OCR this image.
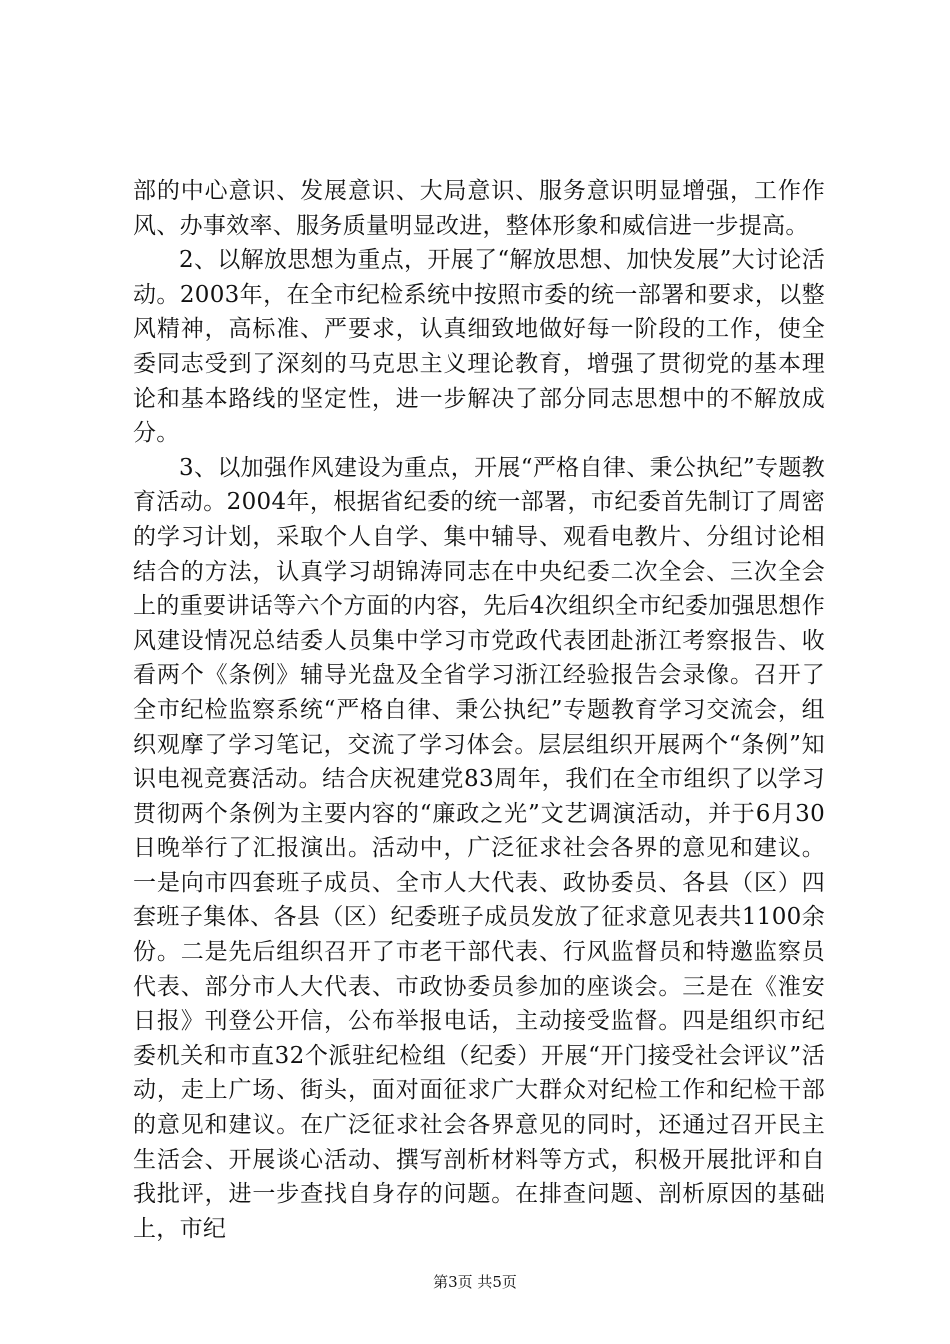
部的中心意识、发展意识、大局意识、服务意识明显增强，工作作风、办事效率、服务质量明显改进，整体形象和威信进一步提高。

2、以解放思想为重点，开展了“解放思想、加快发展”大讨论活动。2003年，在全市纪检系统中按照市委的统一部署和要求，以整风精神，高标准、严要求，认真细致地做好每一阶段的工作，使全委同志受到了深刻的马克思主义理论教育，增强了贯彻党的基本理论和基本路线的坚定性，进一步解决了部分同志思想中的不解放成分。

3、以加强作风建设为重点，开展“严格自律、秉公执纪”专题教育活动。2004年，根据省纪委的统一部署，市纪委首先制订了周密的学习计划，采取个人自学、集中辅导、观看电教片、分组讨论相结合的方法，认真学习胡锦涛同志在中央纪委二次全会、三次全会上的重要讲话等六个方面的内容，先后4次组织全市纪委加强思想作风建设情况总结委人员集中学习市党政代表团赴浙江考察报告、收看两个《条例》辅导光盘及全省学习浙江经验报告会录像。召开了全市纪检监察系统“严格自律、秉公执纪”专题教育学习交流会，组织观摩了学习笔记，交流了学习体会。层层组织开展两个“条例”知识电视竞赛活动。结合庆祝建党83周年，我们在全市组织了以学习贯彻两个条例为主要内容的“廉政之光”文艺调演活动，并于6月30日晚举行了汇报演出。活动中，广泛征求社会各界的意见和建议。一是向市四套班子成员、全市人大代表、政协委员、各县（区）四套班子集体、各县（区）纪委班子成员发放了征求意见表共1100余份。二是先后组织召开了市老干部代表、行风监督员和特邀监察员代表、部分市人大代表、市政协委员参加的座谈会。三是在《淮安日报》刊登公开信，公布举报电话，主动接受监督。四是组织市纪委机关和市直32个派驻纪检组（纪委）开展“开门接受社会评议”活动，走上广场、街头，面对面征求广大群众对纪检工作和纪检干部的意见和建议。在广泛征求社会各界意见的同时，还通过召开民主生活会、开展谈心活动、撰写剖析材料等方式，积极开展批评和自我批评，进一步查找自身存的问题。在排查问题、剖析原因的基础上，市纪

第3页 共5页
